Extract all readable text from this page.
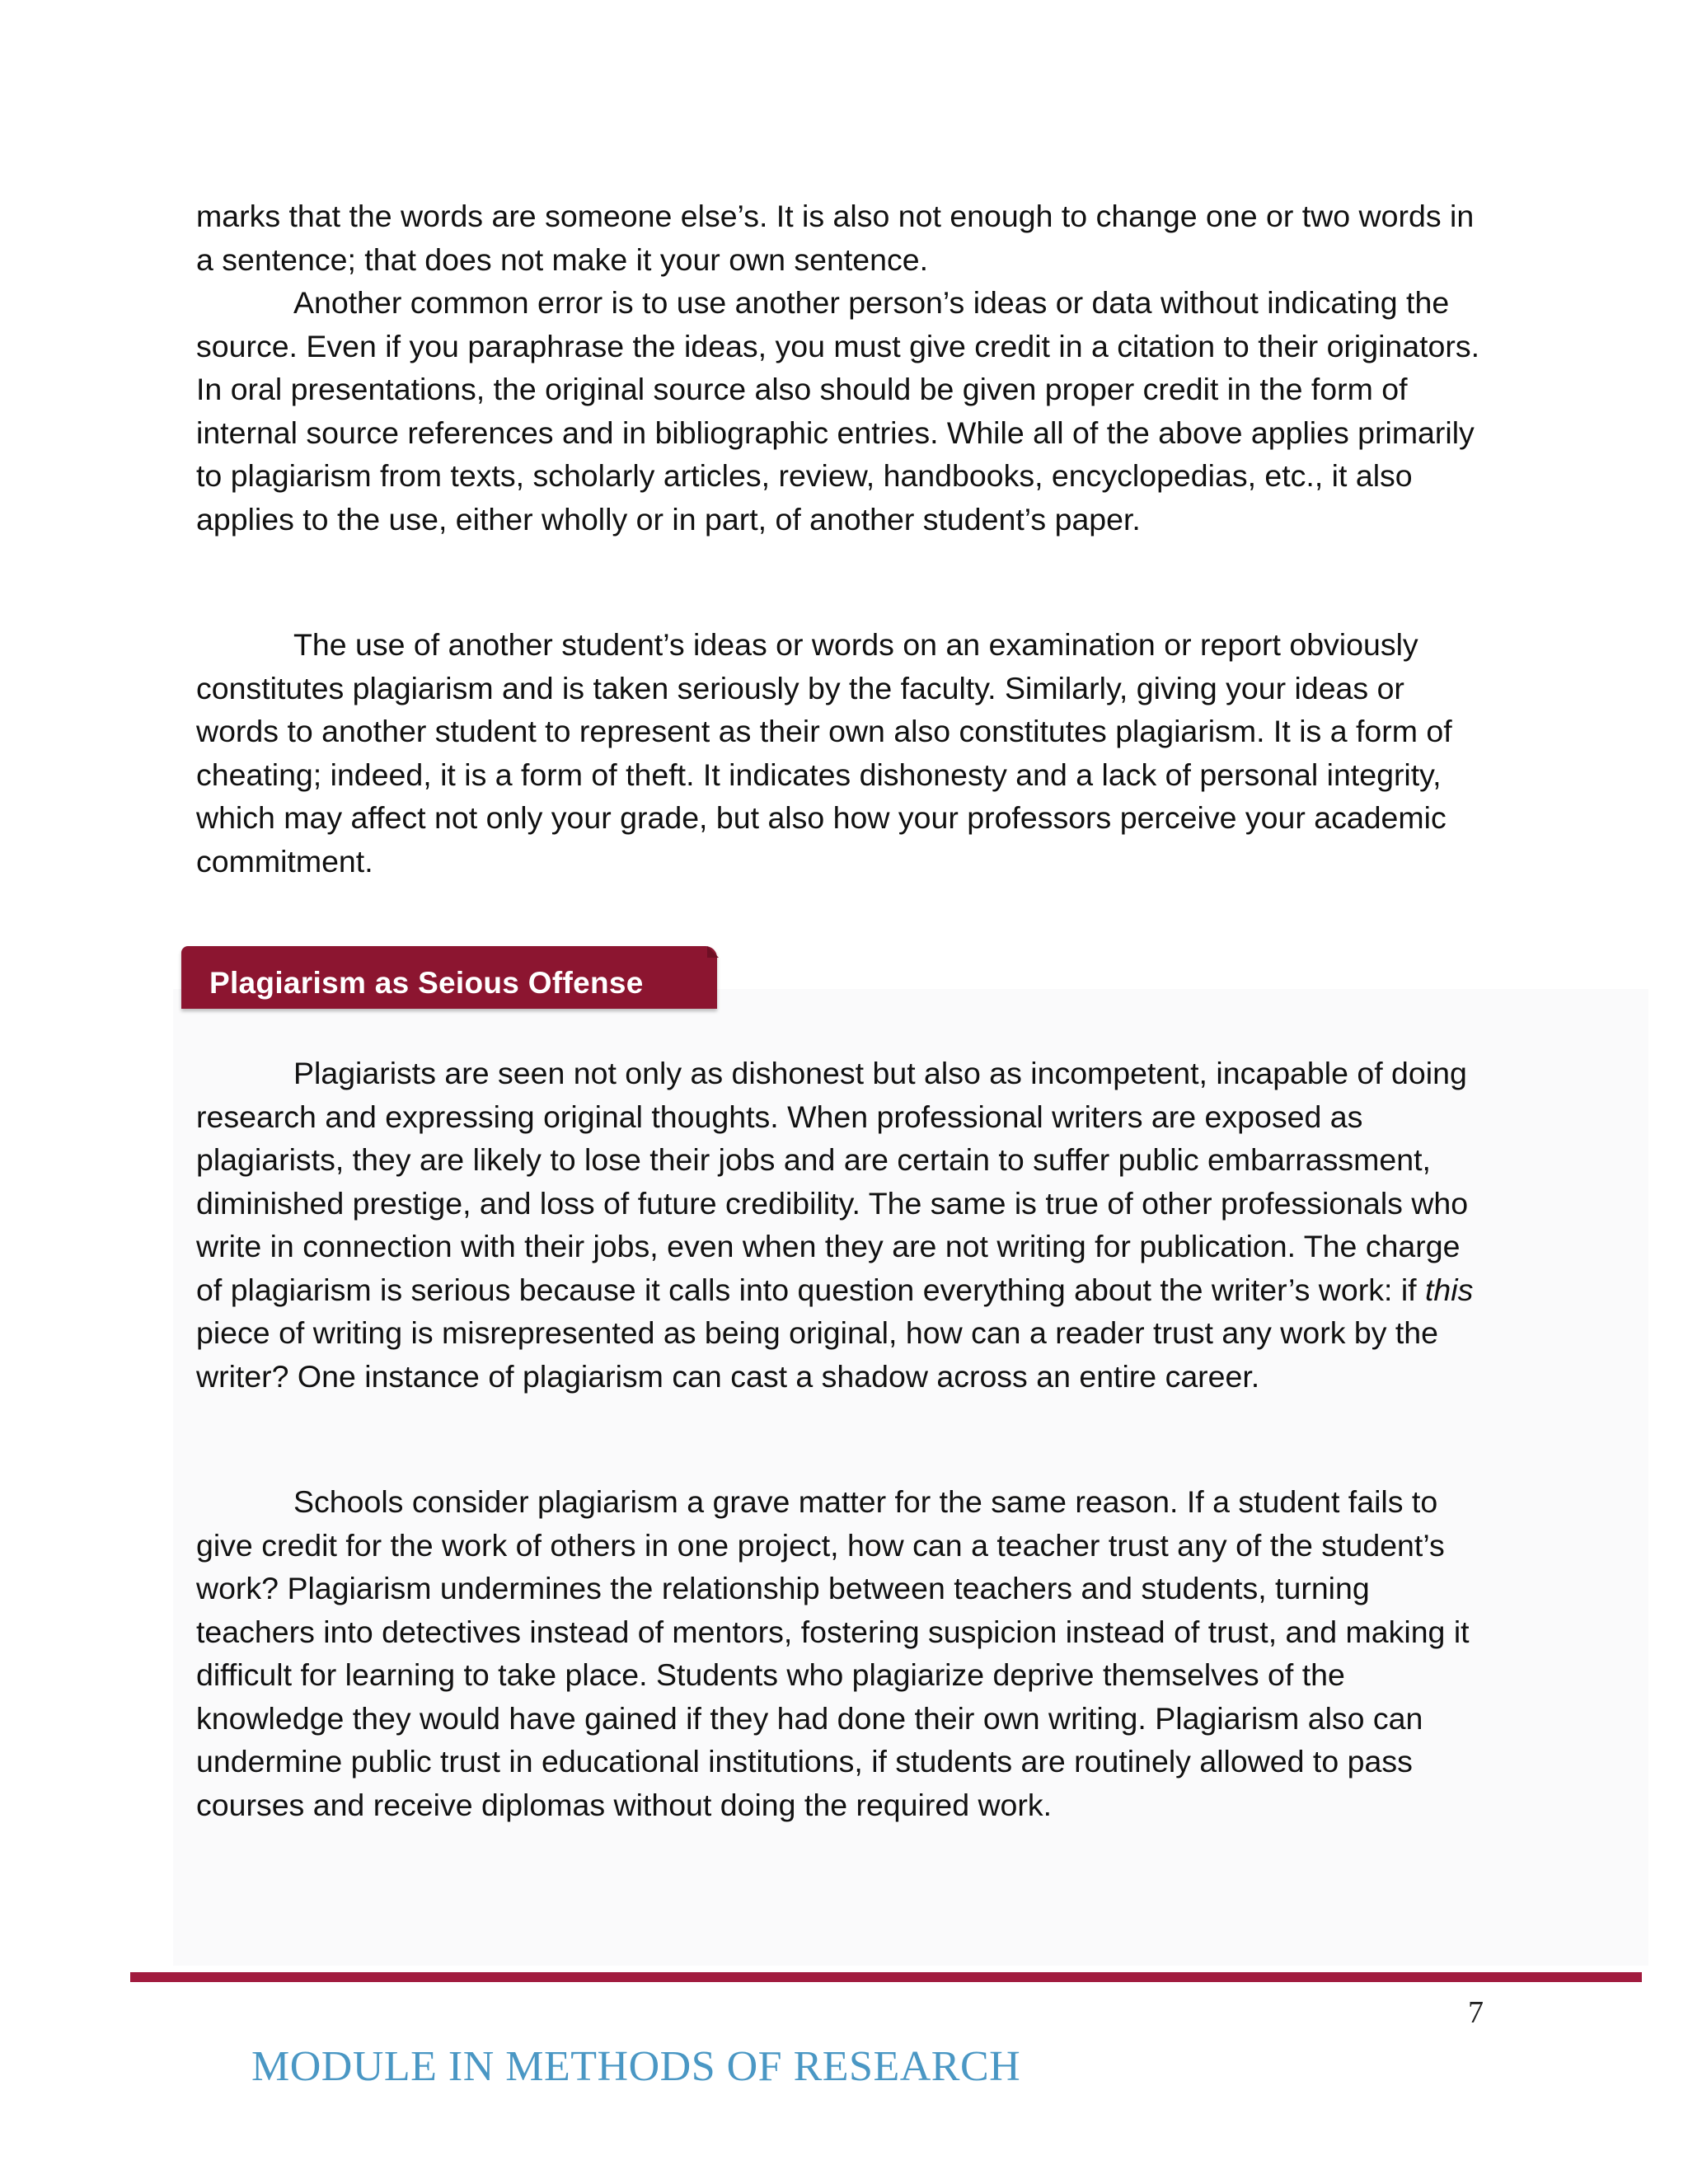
marks that the words are someone else’s. It is also not enough to change one or two words in a sentence; that does not make it your own sentence.

Another common error is to use another person’s ideas or data without indicating the source. Even if you paraphrase the ideas, you must give credit in a citation to their originators. In oral presentations, the original source also should be given proper credit in the form of internal source references and in bibliographic entries. While all of the above applies primarily to plagiarism from texts, scholarly articles, review, handbooks, encyclopedias, etc., it also applies to the use, either wholly or in part, of another student’s paper.

The use of another student’s ideas or words on an examination or report obviously constitutes plagiarism and is taken seriously by the faculty. Similarly, giving your ideas or words to another student to represent as their own also constitutes plagiarism. It is a form of cheating; indeed, it is a form of theft. It indicates dishonesty and a lack of personal integrity, which may affect not only your grade, but also how your professors perceive your academic commitment.

Plagiarism as Seious Offense

Plagiarists are seen not only as dishonest but also as incompetent, incapable of doing research and expressing original thoughts. When professional writers are exposed as plagiarists, they are likely to lose their jobs and are certain to suffer public embarrassment, diminished prestige, and loss of future credibility. The same is true of other professionals who write in connection with their jobs, even when they are not writing for publication. The charge of plagiarism is serious because it calls into question everything about the writer’s work: if this piece of writing is misrepresented as being original, how can a reader trust any work by the writer? One instance of plagiarism can cast a shadow across an entire career.

Schools consider plagiarism a grave matter for the same reason. If a student fails to give credit for the work of others in one project, how can a teacher trust any of the student’s work? Plagiarism undermines the relationship between teachers and students, turning teachers into detectives instead of mentors, fostering suspicion instead of trust, and making it difficult for learning to take place. Students who plagiarize deprive themselves of the knowledge they would have gained if they had done their own writing. Plagiarism also can undermine public trust in educational institutions, if students are routinely allowed to pass courses and receive diplomas without doing the required work.

7
MODULE IN METHODS OF RESEARCH
